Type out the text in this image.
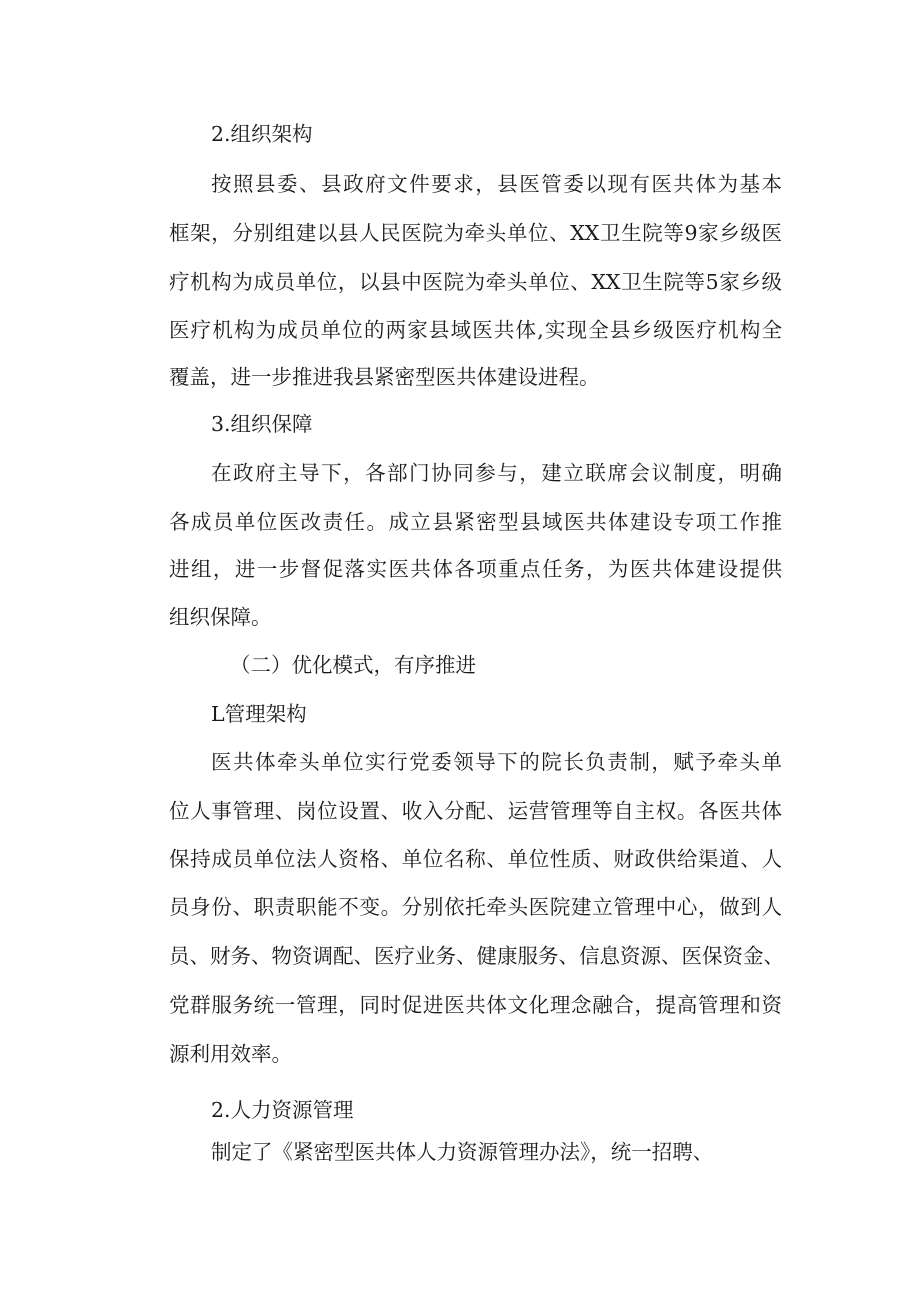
2.组织架构
按照县委、县政府文件要求，县医管委以现有医共体为基本
框架，分别组建以县人民医院为牵头单位、XX卫生院等9家乡级医
疗机构为成员单位，以县中医院为牵头单位、XX卫生院等5家乡级
医疗机构为成员单位的两家县域医共体,实现全县乡级医疗机构全
覆盖，进一步推进我县紧密型医共体建设进程。
3.组织保障
在政府主导下，各部门协同参与，建立联席会议制度，明确
各成员单位医改责任。成立县紧密型县域医共体建设专项工作推
进组，进一步督促落实医共体各项重点任务，为医共体建设提供
组织保障。
（二）优化模式，有序推进
L管理架构
医共体牵头单位实行党委领导下的院长负责制，赋予牵头单
位人事管理、岗位设置、收入分配、运营管理等自主权。各医共体
保持成员单位法人资格、单位名称、单位性质、财政供给渠道、人
员身份、职责职能不变。分别依托牵头医院建立管理中心，做到人
员、财务、物资调配、医疗业务、健康服务、信息资源、医保资金、
党群服务统一管理，同时促进医共体文化理念融合，提高管理和资
源利用效率。
2.人力资源管理
制定了《紧密型医共体人力资源管理办法》，统一招聘、
